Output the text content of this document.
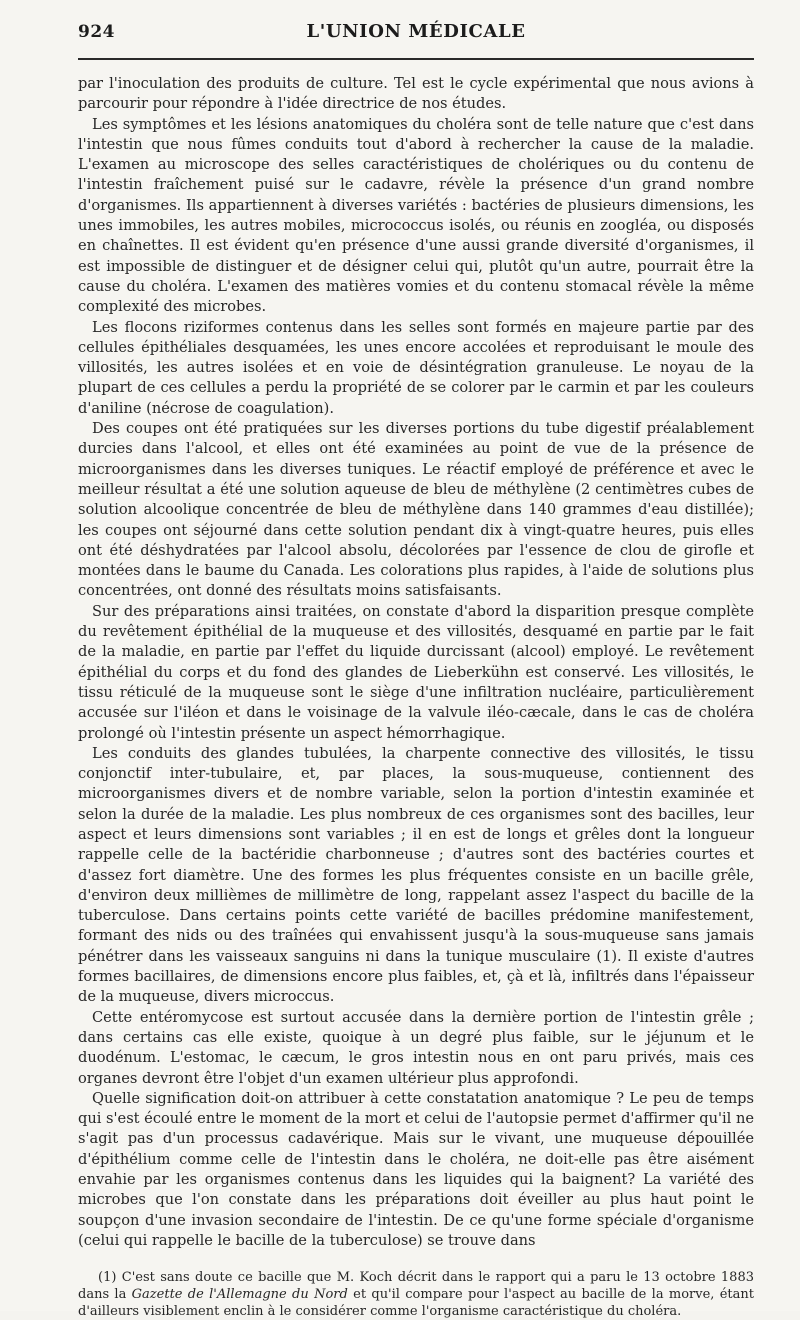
924	L'UNION MÉDICALE

par l'inoculation des produits de culture. Tel est le cycle expérimental que nous avions à parcourir pour répondre à l'idée directrice de nos études.

Les symptômes et les lésions anatomiques du choléra sont de telle nature que c'est dans l'intestin que nous fûmes conduits tout d'abord à rechercher la cause de la maladie. L'examen au microscope des selles caractéristiques de cholériques ou du contenu de l'intestin fraîchement puisé sur le cadavre, révèle la présence d'un grand nombre d'organismes. Ils appartiennent à diverses variétés : bactéries de plusieurs dimensions, les unes immobiles, les autres mobiles, micrococcus isolés, ou réunis en zoogléa, ou disposés en chaînettes. Il est évident qu'en présence d'une aussi grande diversité d'organismes, il est impossible de distinguer et de désigner celui qui, plutôt qu'un autre, pourrait être la cause du choléra. L'examen des matières vomies et du contenu stomacal révèle la même complexité des microbes.

Les flocons riziformes contenus dans les selles sont formés en majeure partie par des cellules épithéliales desquamées, les unes encore accolées et reproduisant le moule des villosités, les autres isolées et en voie de désintégration granuleuse. Le noyau de la plupart de ces cellules a perdu la propriété de se colorer par le carmin et par les couleurs d'aniline (nécrose de coagulation).

Des coupes ont été pratiquées sur les diverses portions du tube digestif préalablement durcies dans l'alcool, et elles ont été examinées au point de vue de la présence de microorganismes dans les diverses tuniques. Le réactif employé de préférence et avec le meilleur résultat a été une solution aqueuse de bleu de méthylène (2 centimètres cubes de solution alcoolique concentrée de bleu de méthylène dans 140 grammes d'eau distillée); les coupes ont séjourné dans cette solution pendant dix à vingt-quatre heures, puis elles ont été déshydratées par l'alcool absolu, décolorées par l'essence de clou de girofle et montées dans le baume du Canada. Les colorations plus rapides, à l'aide de solutions plus concentrées, ont donné des résultats moins satisfaisants.

Sur des préparations ainsi traitées, on constate d'abord la disparition presque complète du revêtement épithélial de la muqueuse et des villosités, desquamé en partie par le fait de la maladie, en partie par l'effet du liquide durcissant (alcool) employé. Le revêtement épithélial du corps et du fond des glandes de Lieberkühn est conservé. Les villosités, le tissu réticulé de la muqueuse sont le siège d'une infiltration nucléaire, particulièrement accusée sur l'iléon et dans le voisinage de la valvule iléo-cæcale, dans le cas de choléra prolongé où l'intestin présente un aspect hémorrhagique.

Les conduits des glandes tubulées, la charpente connective des villosités, le tissu conjonctif inter-tubulaire, et, par places, la sous-muqueuse, contiennent des microorganismes divers et de nombre variable, selon la portion d'intestin examinée et selon la durée de la maladie. Les plus nombreux de ces organismes sont des bacilles, leur aspect et leurs dimensions sont variables ; il en est de longs et grêles dont la longueur rappelle celle de la bactéridie charbonneuse ; d'autres sont des bactéries courtes et d'assez fort diamètre. Une des formes les plus fréquentes consiste en un bacille grêle, d'environ deux millièmes de millimètre de long, rappelant assez l'aspect du bacille de la tuberculose. Dans certains points cette variété de bacilles prédomine manifestement, formant des nids ou des traînées qui envahissent jusqu'à la sous-muqueuse sans jamais pénétrer dans les vaisseaux sanguins ni dans la tunique musculaire (1). Il existe d'autres formes bacillaires, de dimensions encore plus faibles, et, çà et là, infiltrés dans l'épaisseur de la muqueuse, divers microccus.

Cette entéromycose est surtout accusée dans la dernière portion de l'intestin grêle ; dans certains cas elle existe, quoique à un degré plus faible, sur le jéjunum et le duodénum. L'estomac, le cæcum, le gros intestin nous en ont paru privés, mais ces organes devront être l'objet d'un examen ultérieur plus approfondi.

Quelle signification doit-on attribuer à cette constatation anatomique ? Le peu de temps qui s'est écoulé entre le moment de la mort et celui de l'autopsie permet d'affirmer qu'il ne s'agit pas d'un processus cadavérique. Mais sur le vivant, une muqueuse dépouillée d'épithélium comme celle de l'intestin dans le choléra, ne doit-elle pas être aisément envahie par les organismes contenus dans les liquides qui la baignent? La variété des microbes que l'on constate dans les préparations doit éveiller au plus haut point le soupçon d'une invasion secondaire de l'intestin. De ce qu'une forme spéciale d'organisme (celui qui rappelle le bacille de la tuberculose) se trouve dans

(1) C'est sans doute ce bacille que M. Koch décrit dans le rapport qui a paru le 13 octobre 1883 dans la Gazette de l'Allemagne du Nord et qu'il compare pour l'aspect au bacille de la morve, étant d'ailleurs visiblement enclin à le considérer comme l'organisme caractéristique du choléra.
